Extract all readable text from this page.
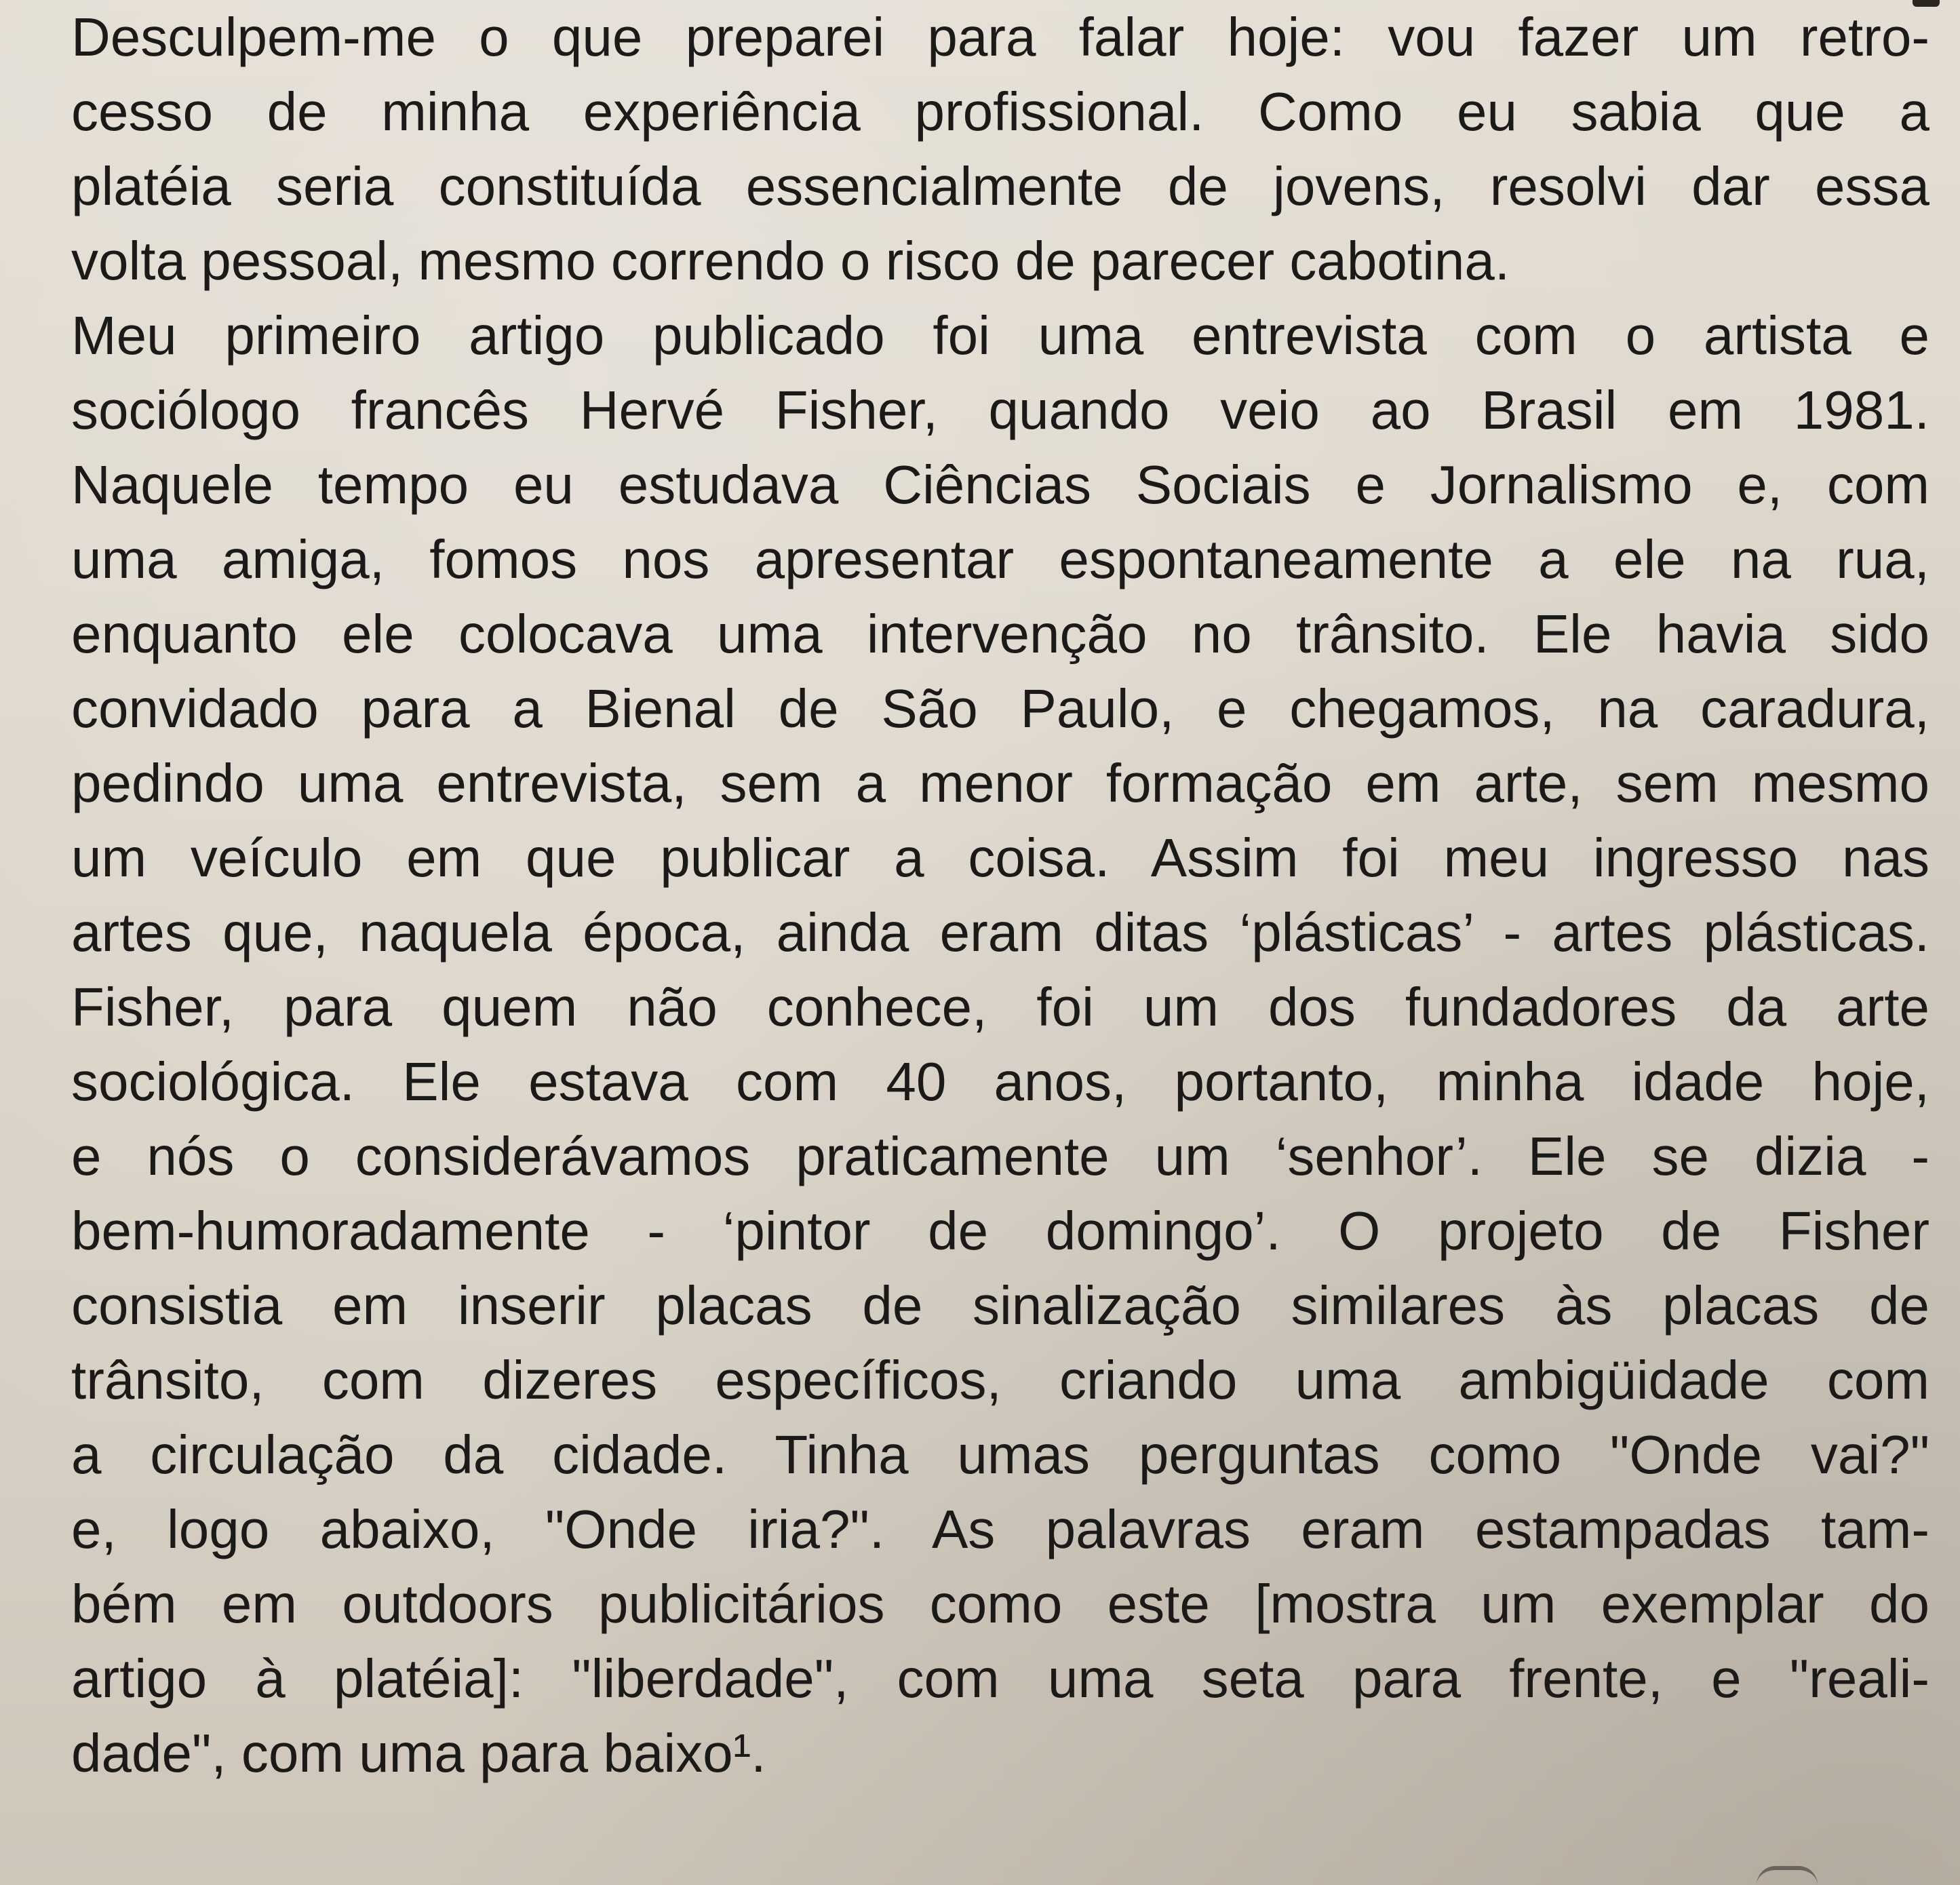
Desculpem-me o que preparei para falar hoje: vou fazer um retro-
cesso de minha experiência profissional. Como eu sabia que a
platéia seria constituída essencialmente de jovens, resolvi dar essa
volta pessoal, mesmo correndo o risco de parecer cabotina.
Meu primeiro artigo publicado foi uma entrevista com o artista e
sociólogo francês Hervé Fisher, quando veio ao Brasil em 1981.
Naquele tempo eu estudava Ciências Sociais e Jornalismo e, com
uma amiga, fomos nos apresentar espontaneamente a ele na rua,
enquanto ele colocava uma intervenção no trânsito. Ele havia sido
convidado para a Bienal de São Paulo, e chegamos, na caradura,
pedindo uma entrevista, sem a menor formação em arte, sem mesmo
um veículo em que publicar a coisa. Assim foi meu ingresso nas
artes que, naquela época, ainda eram ditas ‘plásticas’ - artes plásticas.
Fisher, para quem não conhece, foi um dos fundadores da arte
sociológica. Ele estava com 40 anos, portanto, minha idade hoje,
e nós o considerávamos praticamente um ‘senhor’. Ele se dizia -
bem-humoradamente - ‘pintor de domingo’. O projeto de Fisher
consistia em inserir placas de sinalização similares às placas de
trânsito, com dizeres específicos, criando uma ambigüidade com
a circulação da cidade. Tinha umas perguntas como "Onde vai?"
e, logo abaixo, "Onde iria?". As palavras eram estampadas tam-
bém em outdoors publicitários como este [mostra um exemplar do
artigo à platéia]: "liberdade", com uma seta para frente, e "reali-
dade", com uma para baixo¹.
